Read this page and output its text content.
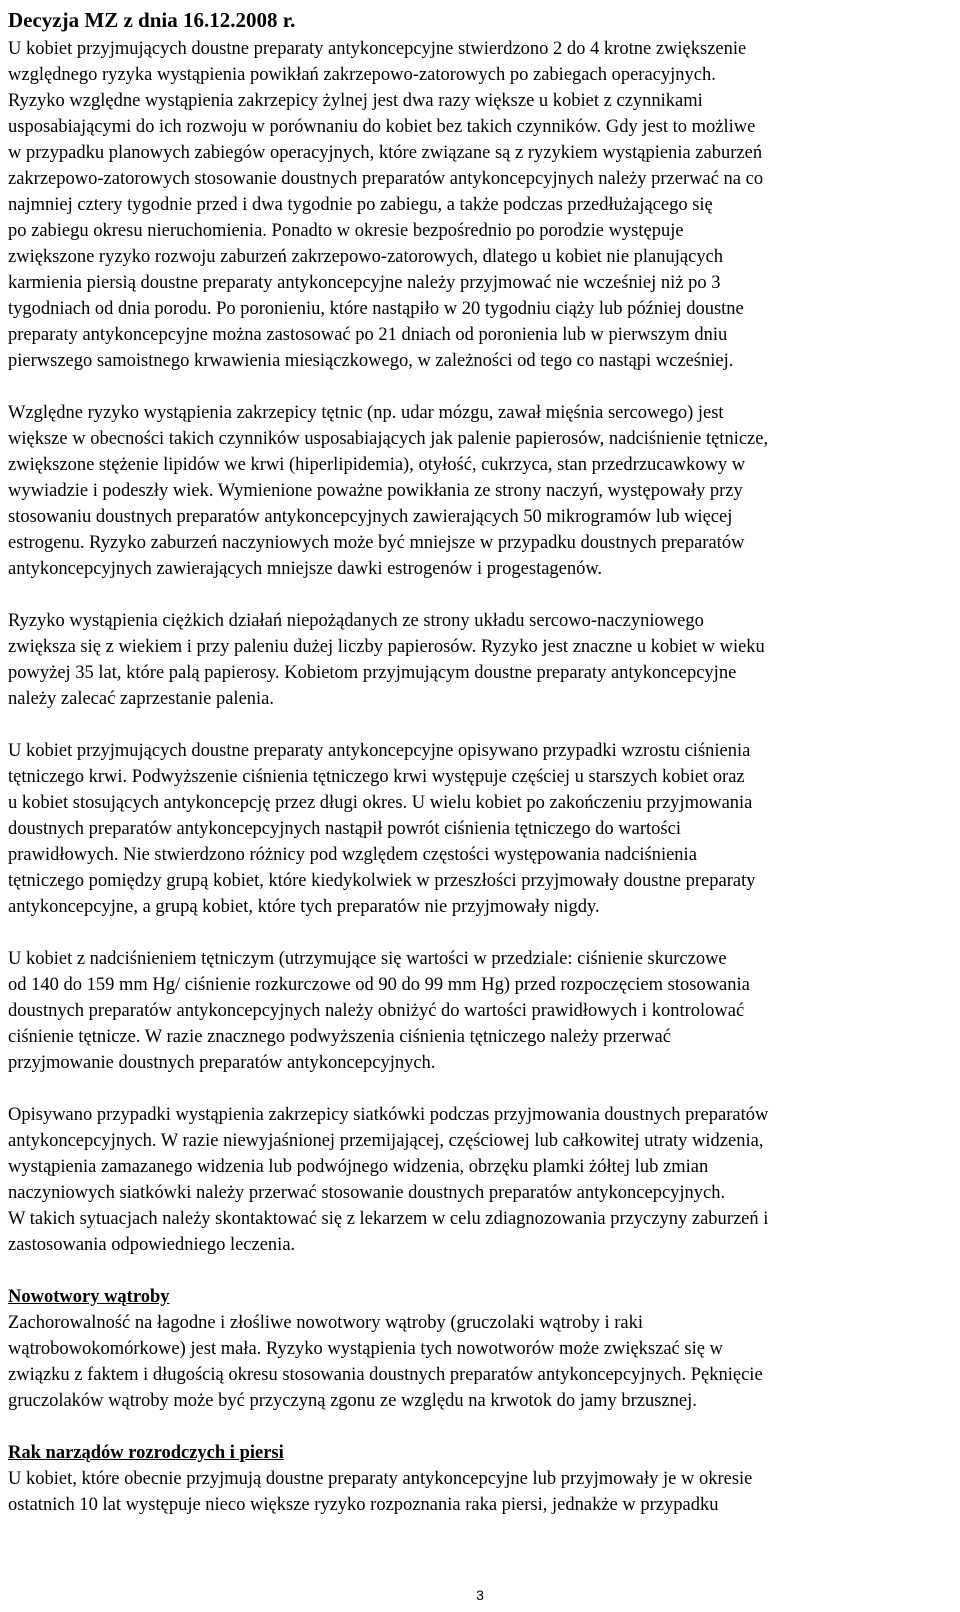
Decyzja MZ z dnia 16.12.2008 r.

U kobiet przyjmujących doustne preparaty antykoncepcyjne stwierdzono 2 do 4 krotne zwiększenie
względnego ryzyka wystąpienia powikłań zakrzepowo-zatorowych po zabiegach operacyjnych.
Ryzyko względne wystąpienia zakrzepicy żylnej jest dwa razy większe u kobiet z czynnikami
usposabiającymi do ich rozwoju w porównaniu do kobiet bez takich czynników. Gdy jest to możliwe
w przypadku planowych zabiegów operacyjnych, które związane są z ryzykiem wystąpienia zaburzeń
zakrzepowo-zatorowych stosowanie doustnych preparatów antykoncepcyjnych należy przerwać na co
najmniej cztery tygodnie przed i dwa tygodnie po zabiegu, a także podczas przedłużającego się
po zabiegu okresu nieruchomienia. Ponadto w okresie bezpośrednio po porodzie występuje
zwiększone ryzyko rozwoju zaburzeń zakrzepowo-zatorowych, dlatego u kobiet nie planujących
karmienia piersią doustne preparaty antykoncepcyjne należy przyjmować nie wcześniej niż po 3
tygodniach od dnia porodu. Po poronieniu, które nastąpiło w 20 tygodniu ciąży lub później doustne
preparaty antykoncepcyjne można zastosować po 21 dniach od poronienia lub w pierwszym dniu
pierwszego samoistnego krwawienia miesiączkowego, w zależności od tego co nastąpi wcześniej.

Względne ryzyko wystąpienia zakrzepicy tętnic (np. udar mózgu, zawał mięśnia sercowego) jest
większe w obecności takich czynników usposabiających jak palenie papierosów, nadciśnienie tętnicze,
zwiększone stężenie lipidów we krwi (hiperlipidemia), otyłość, cukrzyca, stan przedrzucawkowy w
wywiadzie i podeszły wiek. Wymienione poważne powikłania ze strony naczyń, występowały przy
stosowaniu doustnych preparatów antykoncepcyjnych zawierających 50 mikrogramów lub więcej
estrogenu. Ryzyko zaburzeń naczyniowych może być mniejsze w przypadku doustnych preparatów
antykoncepcyjnych zawierających mniejsze dawki estrogenów i progestagenów.

Ryzyko wystąpienia ciężkich działań niepożądanych ze strony układu sercowo-naczyniowego
zwiększa się z wiekiem i przy paleniu dużej liczby papierosów. Ryzyko jest znaczne u kobiet w wieku
powyżej 35 lat, które palą papierosy. Kobietom przyjmującym doustne preparaty antykoncepcyjne
należy zalecać zaprzestanie palenia.

U kobiet przyjmujących doustne preparaty antykoncepcyjne opisywano przypadki wzrostu ciśnienia
tętniczego krwi. Podwyższenie ciśnienia tętniczego krwi występuje częściej u starszych kobiet oraz
u kobiet stosujących antykoncepcję przez długi okres. U wielu kobiet po zakończeniu przyjmowania
doustnych preparatów antykoncepcyjnych nastąpił powrót ciśnienia tętniczego do wartości
prawidłowych. Nie stwierdzono różnicy pod względem częstości występowania nadciśnienia
tętniczego pomiędzy grupą kobiet, które kiedykolwiek w przeszłości przyjmowały doustne preparaty
antykoncepcyjne, a grupą kobiet, które tych preparatów nie przyjmowały nigdy.

U kobiet z nadciśnieniem tętniczym (utrzymujące się wartości w przedziale: ciśnienie skurczowe
od 140 do 159 mm Hg/ ciśnienie rozkurczowe od 90 do 99 mm Hg) przed rozpoczęciem stosowania
doustnych preparatów antykoncepcyjnych należy obniżyć do wartości prawidłowych i kontrolować
ciśnienie tętnicze. W razie znacznego podwyższenia ciśnienia tętniczego należy przerwać
przyjmowanie doustnych preparatów antykoncepcyjnych.

Opisywano przypadki wystąpienia zakrzepicy siatkówki podczas przyjmowania doustnych preparatów
antykoncepcyjnych. W razie niewyjaśnionej przemijającej, częściowej lub całkowitej utraty widzenia,
wystąpienia zamazanego widzenia lub podwójnego widzenia, obrzęku plamki żółtej lub zmian
naczyniowych siatkówki należy przerwać stosowanie doustnych preparatów antykoncepcyjnych.
W takich sytuacjach należy skontaktować się z lekarzem w celu zdiagnozowania przyczyny zaburzeń i
zastosowania odpowiedniego leczenia.

Nowotwory wątroby

Zachorowalność na łagodne i złośliwe nowotwory wątroby (gruczolaki wątroby i raki
wątrobowokomórkowe) jest mała. Ryzyko wystąpienia tych nowotworów może zwiększać się w
związku z faktem i długością okresu stosowania doustnych preparatów antykoncepcyjnych. Pęknięcie
gruczolaków wątroby może być przyczyną zgonu ze względu na krwotok do jamy brzusznej.

Rak narządów rozrodczych i piersi

U kobiet, które obecnie przyjmują doustne preparaty antykoncepcyjne lub przyjmowały je w okresie
ostatnich 10 lat występuje nieco większe ryzyko rozpoznania raka piersi, jednakże w przypadku

3
